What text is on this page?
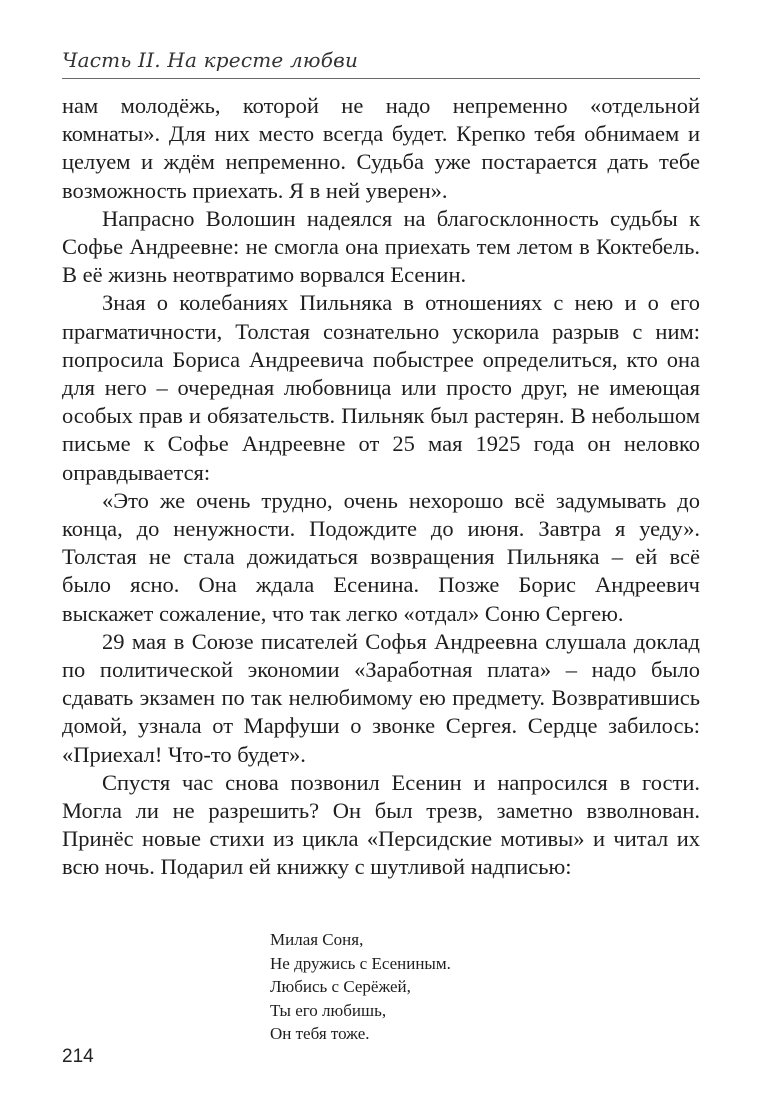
Часть II. На кресте любви

нам молодёжь, которой не надо непременно «отдельной комнаты». Для них место всегда будет. Крепко тебя обнимаем и целуем и ждём непременно. Судьба уже постарается дать тебе возможность приехать. Я в ней уверен».

Напрасно Волошин надеялся на благосклонность судьбы к Софье Андреевне: не смогла она приехать тем летом в Коктебель. В её жизнь неотвратимо ворвался Есенин.

Зная о колебаниях Пильняка в отношениях с нею и о его прагматичности, Толстая сознательно ускорила разрыв с ним: попросила Бориса Андреевича побыстрее определиться, кто она для него – очередная любовница или просто друг, не имеющая особых прав и обязательств. Пильняк был растерян. В небольшом письме к Софье Андреевне от 25 мая 1925 года он неловко оправдывается:

«Это же очень трудно, очень нехорошо всё задумывать до конца, до ненужности. Подождите до июня. Завтра я уеду». Толстая не стала дожидаться возвращения Пильняка – ей всё было ясно. Она ждала Есенина. Позже Борис Андреевич выскажет сожаление, что так легко «отдал» Соню Сергею.

29 мая в Союзе писателей Софья Андреевна слушала доклад по политической экономии «Заработная плата» – надо было сдавать экзамен по так нелюбимому ею предмету. Возвратившись домой, узнала от Марфуши о звонке Сергея. Сердце забилось: «Приехал! Что-то будет».

Спустя час снова позвонил Есенин и напросился в гости. Могла ли не разрешить? Он был трезв, заметно взволнован. Принёс новые стихи из цикла «Персидские мотивы» и читал их всю ночь. Подарил ей книжку с шутливой надписью:

Милая Соня,
Не дружись с Есениным.
Любись с Серёжей,
Ты его любишь,
Он тебя тоже.
214
